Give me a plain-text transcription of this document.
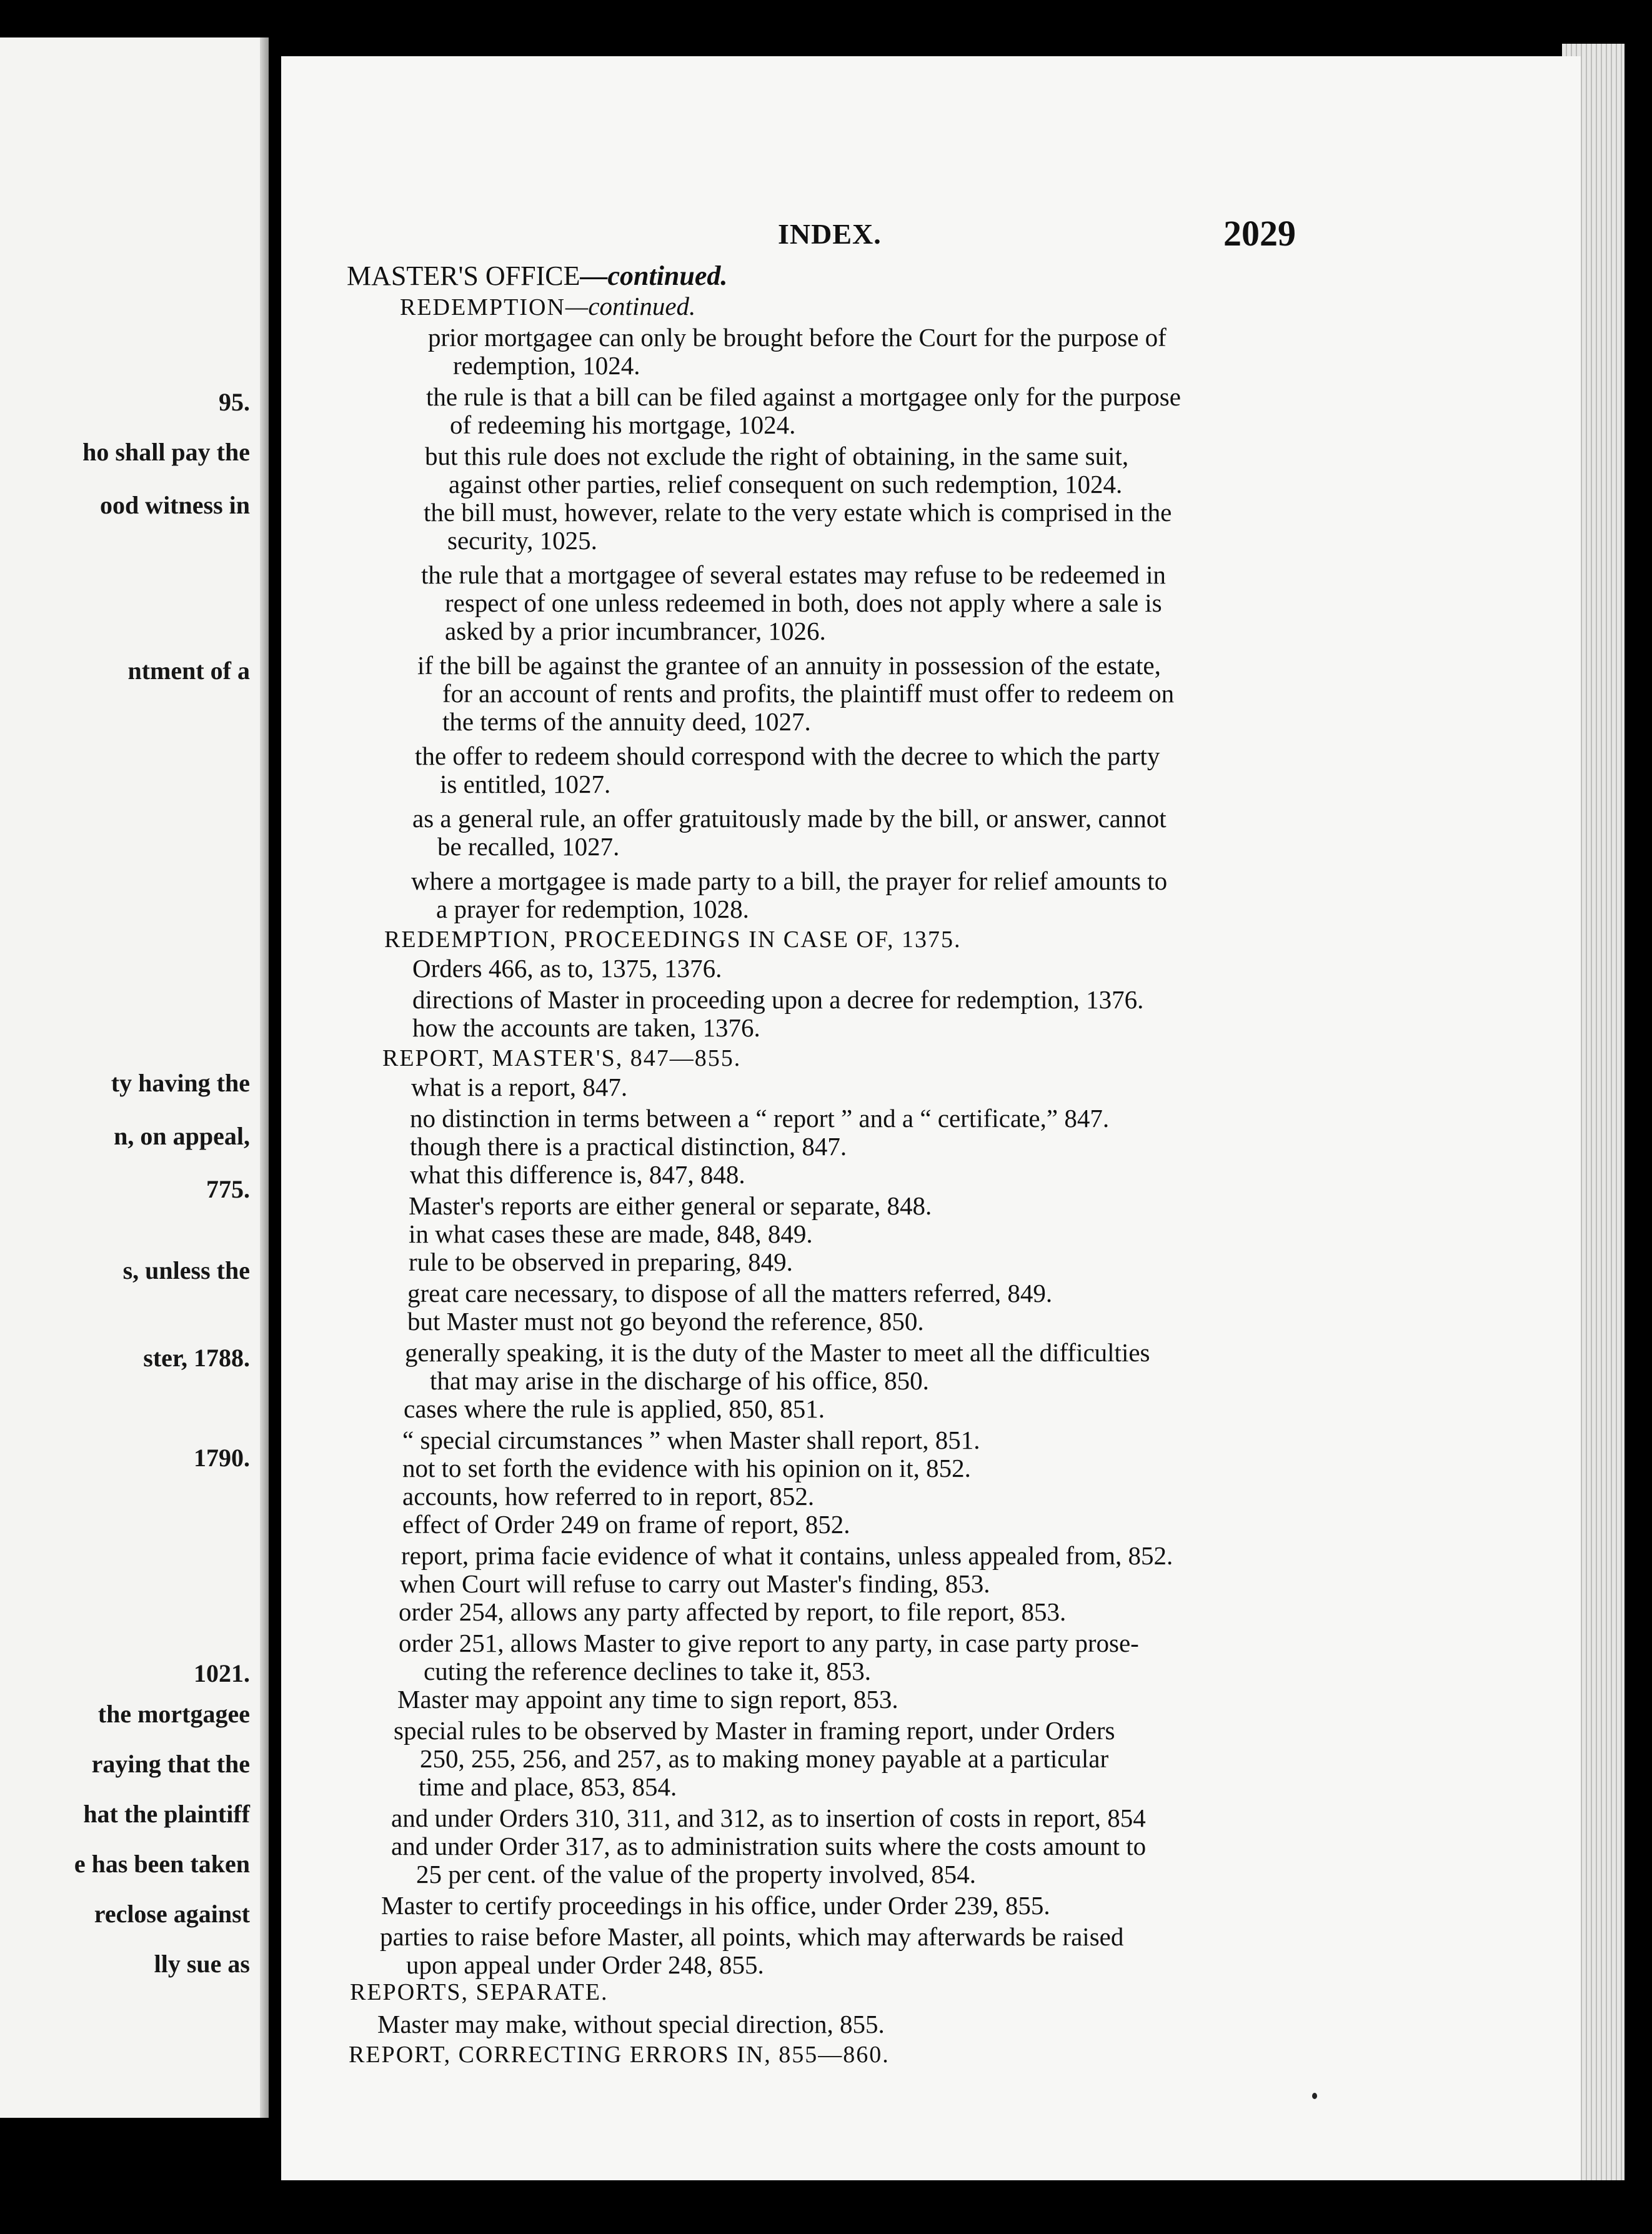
95.
ho shall pay the
ood witness in
ntment of a
ty having the
n, on appeal,
775.
s, unless the
ster, 1788.
1790.
1021.
the mortgagee
raying that the
hat the plaintiff
e has been taken
reclose against
lly sue as
INDEX.	2029
MASTER'S OFFICE—continued.
REDEMPTION—continued.
prior mortgagee can only be brought before the Court for the purpose of
redemption, 1024.
the rule is that a bill can be filed against a mortgagee only for the purpose
of redeeming his mortgage, 1024.
but this rule does not exclude the right of obtaining, in the same suit,
against other parties, relief consequent on such redemption, 1024.
the bill must, however, relate to the very estate which is comprised in the
security, 1025.
the rule that a mortgagee of several estates may refuse to be redeemed in
respect of one unless redeemed in both, does not apply where a sale is
asked by a prior incumbrancer, 1026.
if the bill be against the grantee of an annuity in possession of the estate,
for an account of rents and profits, the plaintiff must offer to redeem on
the terms of the annuity deed, 1027.
the offer to redeem should correspond with the decree to which the party
is entitled, 1027.
as a general rule, an offer gratuitously made by the bill, or answer, cannot
be recalled, 1027.
where a mortgagee is made party to a bill, the prayer for relief amounts to
a prayer for redemption, 1028.
REDEMPTION, PROCEEDINGS IN CASE OF, 1375.
Orders 466, as to, 1375, 1376.
directions of Master in proceeding upon a decree for redemption, 1376.
how the accounts are taken, 1376.
REPORT, MASTER'S, 847—855.
what is a report, 847.
no distinction in terms between a “ report ” and a “ certificate,” 847.
though there is a practical distinction, 847.
what this difference is, 847, 848.
Master's reports are either general or separate, 848.
in what cases these are made, 848, 849.
rule to be observed in preparing, 849.
great care necessary, to dispose of all the matters referred, 849.
but Master must not go beyond the reference, 850.
generally speaking, it is the duty of the Master to meet all the difficulties
that may arise in the discharge of his office, 850.
cases where the rule is applied, 850, 851.
“ special circumstances ” when Master shall report, 851.
not to set forth the evidence with his opinion on it, 852.
accounts, how referred to in report, 852.
effect of Order 249 on frame of report, 852.
report, prima facie evidence of what it contains, unless appealed from, 852.
when Court will refuse to carry out Master's finding, 853.
order 254, allows any party affected by report, to file report, 853.
order 251, allows Master to give report to any party, in case party prose-
cuting the reference declines to take it, 853.
Master may appoint any time to sign report, 853.
special rules to be observed by Master in framing report, under Orders
250, 255, 256, and 257, as to making money payable at a particular
time and place, 853, 854.
and under Orders 310, 311, and 312, as to insertion of costs in report, 854
and under Order 317, as to administration suits where the costs amount to
25 per cent. of the value of the property involved, 854.
Master to certify proceedings in his office, under Order 239, 855.
parties to raise before Master, all points, which may afterwards be raised
upon appeal under Order 248, 855.
REPORTS, SEPARATE.
Master may make, without special direction, 855.
REPORT, CORRECTING ERRORS IN, 855—860.
